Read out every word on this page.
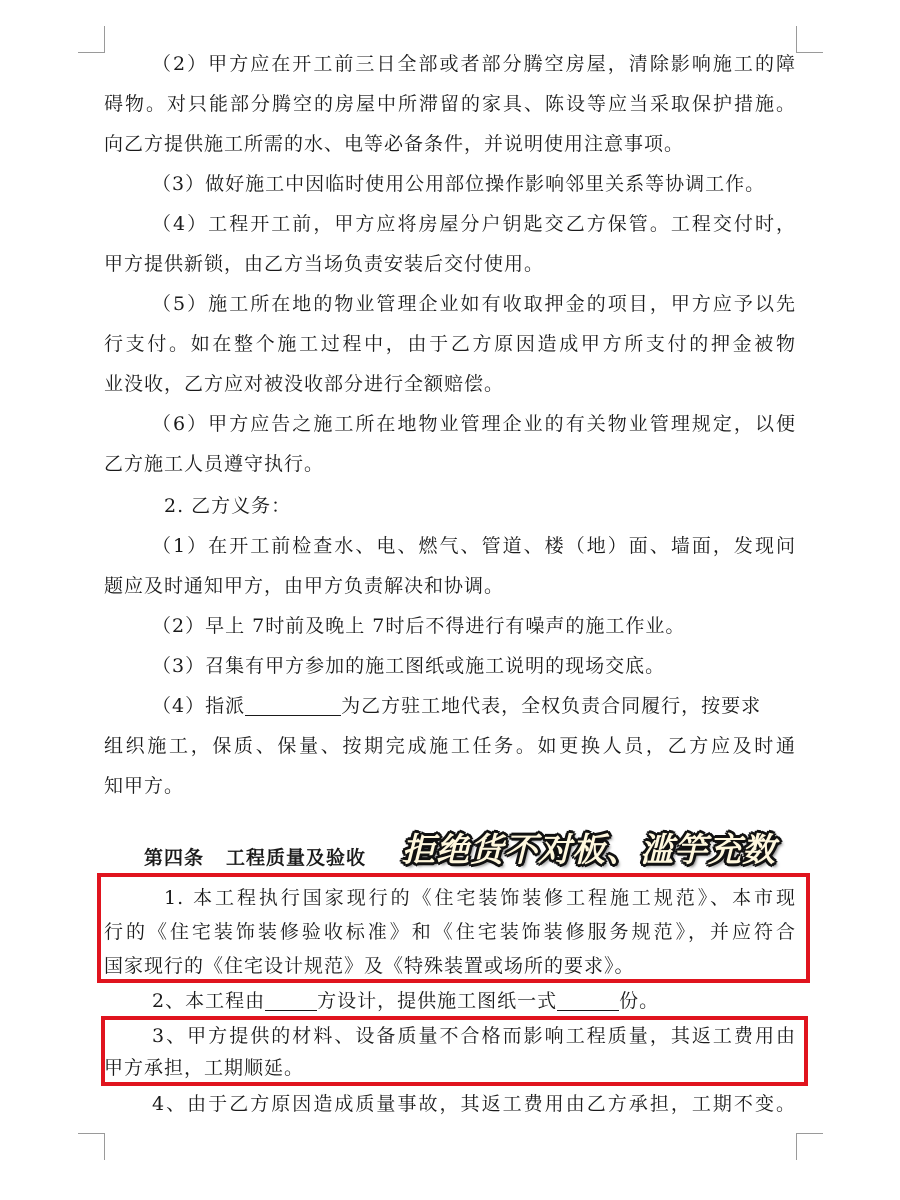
（2）甲方应在开工前三日全部或者部分腾空房屋，清除影响施工的障
碍物。对只能部分腾空的房屋中所滞留的家具、陈设等应当采取保护措施。
向乙方提供施工所需的水、电等必备条件，并说明使用注意事项。
（3）做好施工中因临时使用公用部位操作影响邻里关系等协调工作。
（4）工程开工前，甲方应将房屋分户钥匙交乙方保管。工程交付时，
甲方提供新锁，由乙方当场负责安装后交付使用。
（5）施工所在地的物业管理企业如有收取押金的项目，甲方应予以先
行支付。如在整个施工过程中，由于乙方原因造成甲方所支付的押金被物
业没收，乙方应对被没收部分进行全额赔偿。
（6）甲方应告之施工所在地物业管理企业的有关物业管理规定，以便
乙方施工人员遵守执行。
2. 乙方义务：
（1）在开工前检查水、电、燃气、管道、楼（地）面、墙面，发现问
题应及时通知甲方，由甲方负责解决和协调。
（2）早上 7时前及晚上 7时后不得进行有噪声的施工作业。
（3）召集有甲方参加的施工图纸或施工说明的现场交底。
（4）指派	为乙方驻工地代表，全权负责合同履行，按要求
组织施工，保质、保量、按期完成施工任务。如更换人员，乙方应及时通
知甲方。
第四条 工程质量及验收 拒绝货不对板、滥竽充数
1. 本工程执行国家现行的《住宅装饰装修工程施工规范》、本市现
行的《住宅装饰装修验收标准》和《住宅装饰装修服务规范》，并应符合
国家现行的《住宅设计规范》及《特殊装置或场所的要求》。
2、本工程由	方设计，提供施工图纸一式	份。
3、甲方提供的材料、设备质量不合格而影响工程质量，其返工费用由
甲方承担，工期顺延。
4、由于乙方原因造成质量事故，其返工费用由乙方承担，工期不变。
